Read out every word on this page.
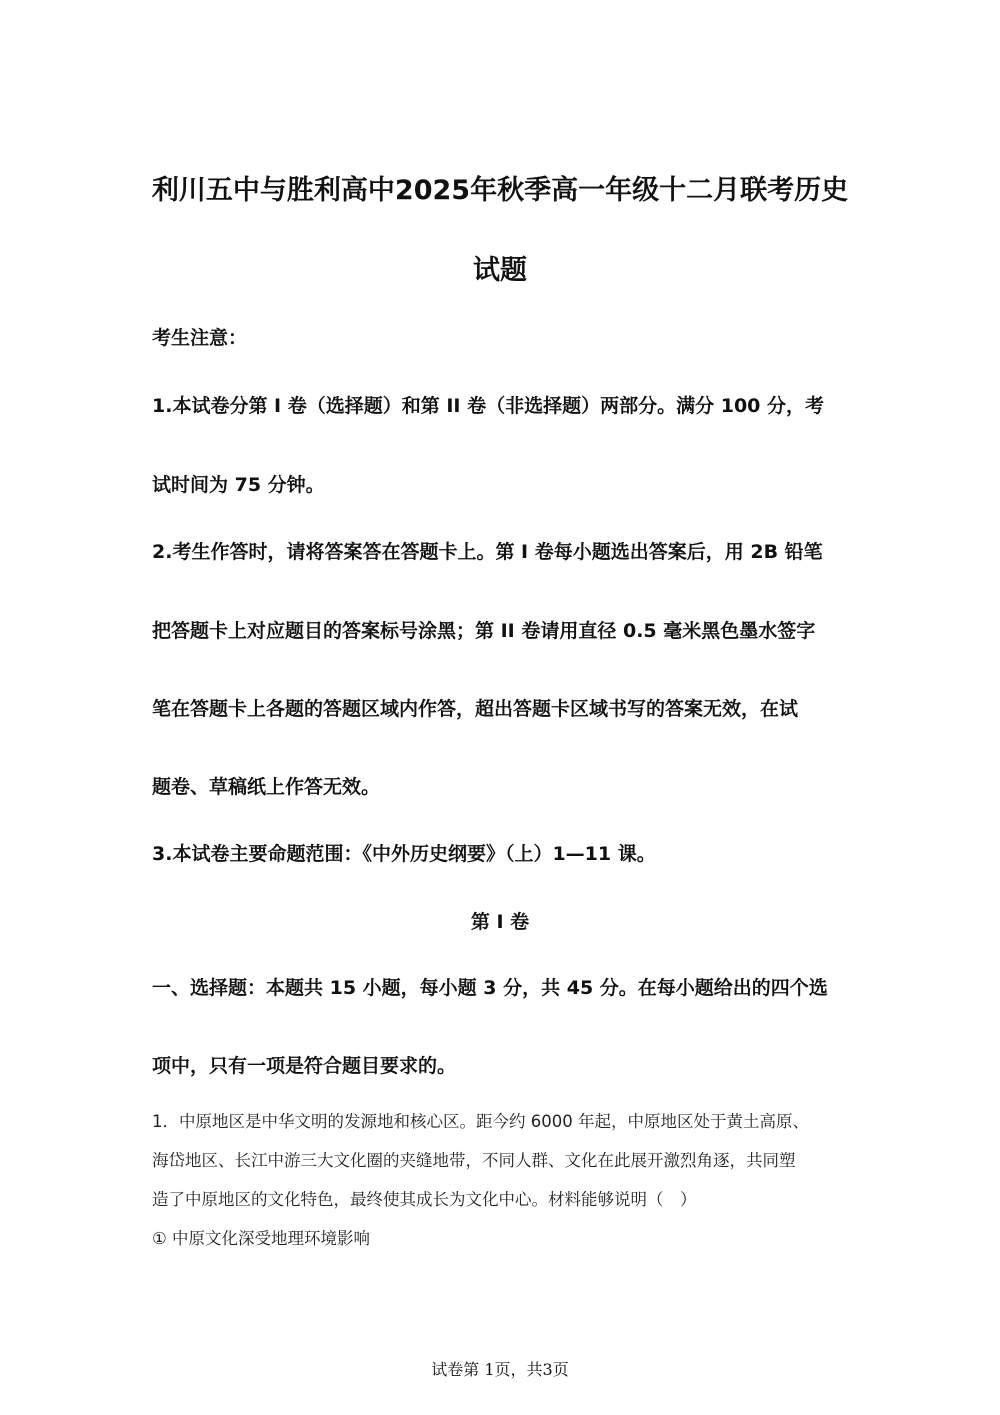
利川五中与胜利高中2025年秋季高一年级十二月联考历史
试题
考生注意：
1.本试卷分第 I 卷（选择题）和第 II 卷（非选择题）两部分。满分 100 分，考
试时间为 75 分钟。
2.考生作答时，请将答案答在答题卡上。第 I 卷每小题选出答案后，用 2B 铅笔
把答题卡上对应题目的答案标号涂黑；第 II 卷请用直径 0.5 毫米黑色墨水签字
笔在答题卡上各题的答题区域内作答，超出答题卡区域书写的答案无效，在试
题卷、草稿纸上作答无效。
3.本试卷主要命题范围：《中外历史纲要》（上）1—11 课。
第 I 卷
一、选择题：本题共 15 小题，每小题 3 分，共 45 分。在每小题给出的四个选
项中，只有一项是符合题目要求的。
1．中原地区是中华文明的发源地和核心区。距今约 6000 年起，中原地区处于黄土高原、
海岱地区、长江中游三大文化圈的夹缝地带，不同人群、文化在此展开激烈角逐，共同塑
造了中原地区的文化特色，最终使其成长为文化中心。材料能够说明（　）
① 中原文化深受地理环境影响
试卷第 1页，共3页
